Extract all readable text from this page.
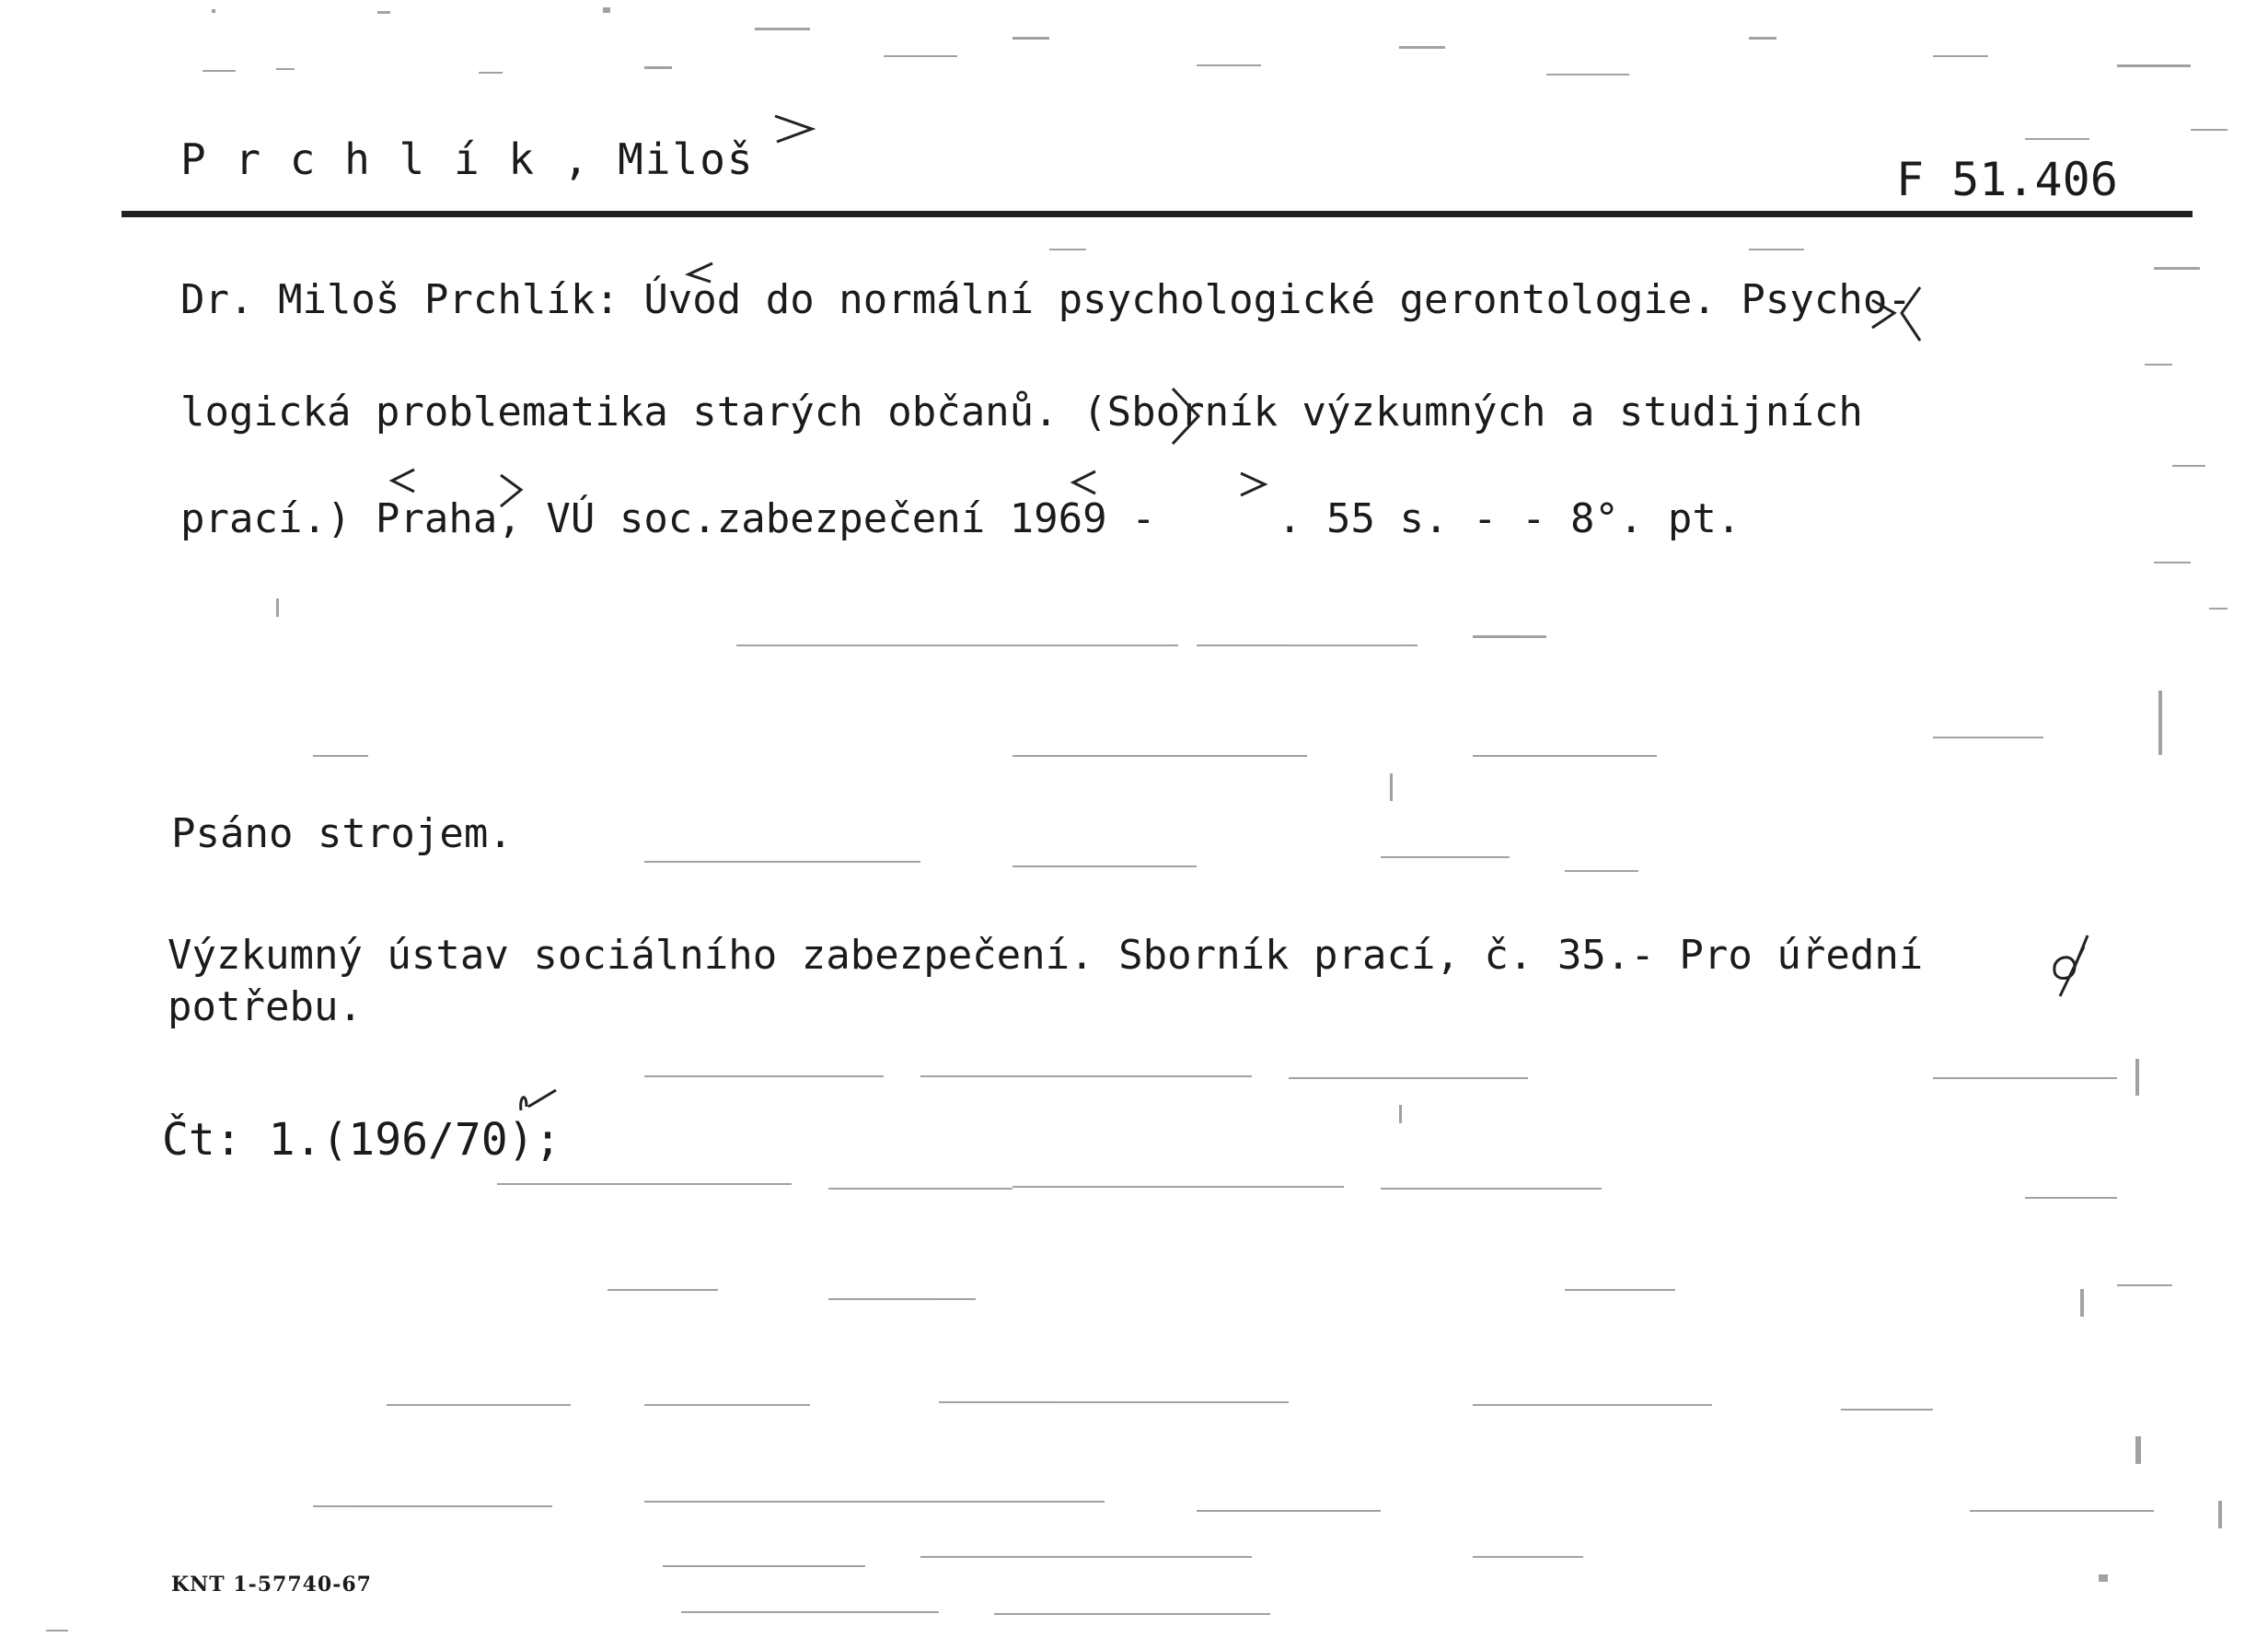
P r c h l í k , Miloš	F 51.406
Dr. Miloš Prchlík: Úvod do normální psychologické gerontologie. Psycho-
logická problematika starých občanů. (Sborník výzkumných a studijních
prací.) Praha, VÚ soc.zabezpečení 1969 -     . 55 s. - - 8°. pt.
Psáno strojem.
Výzkumný ústav sociálního zabezpečení. Sborník prací, č. 35.- Pro úřední
potřebu.
Čt: 1.(196/70);
KNT 1-57740-67
